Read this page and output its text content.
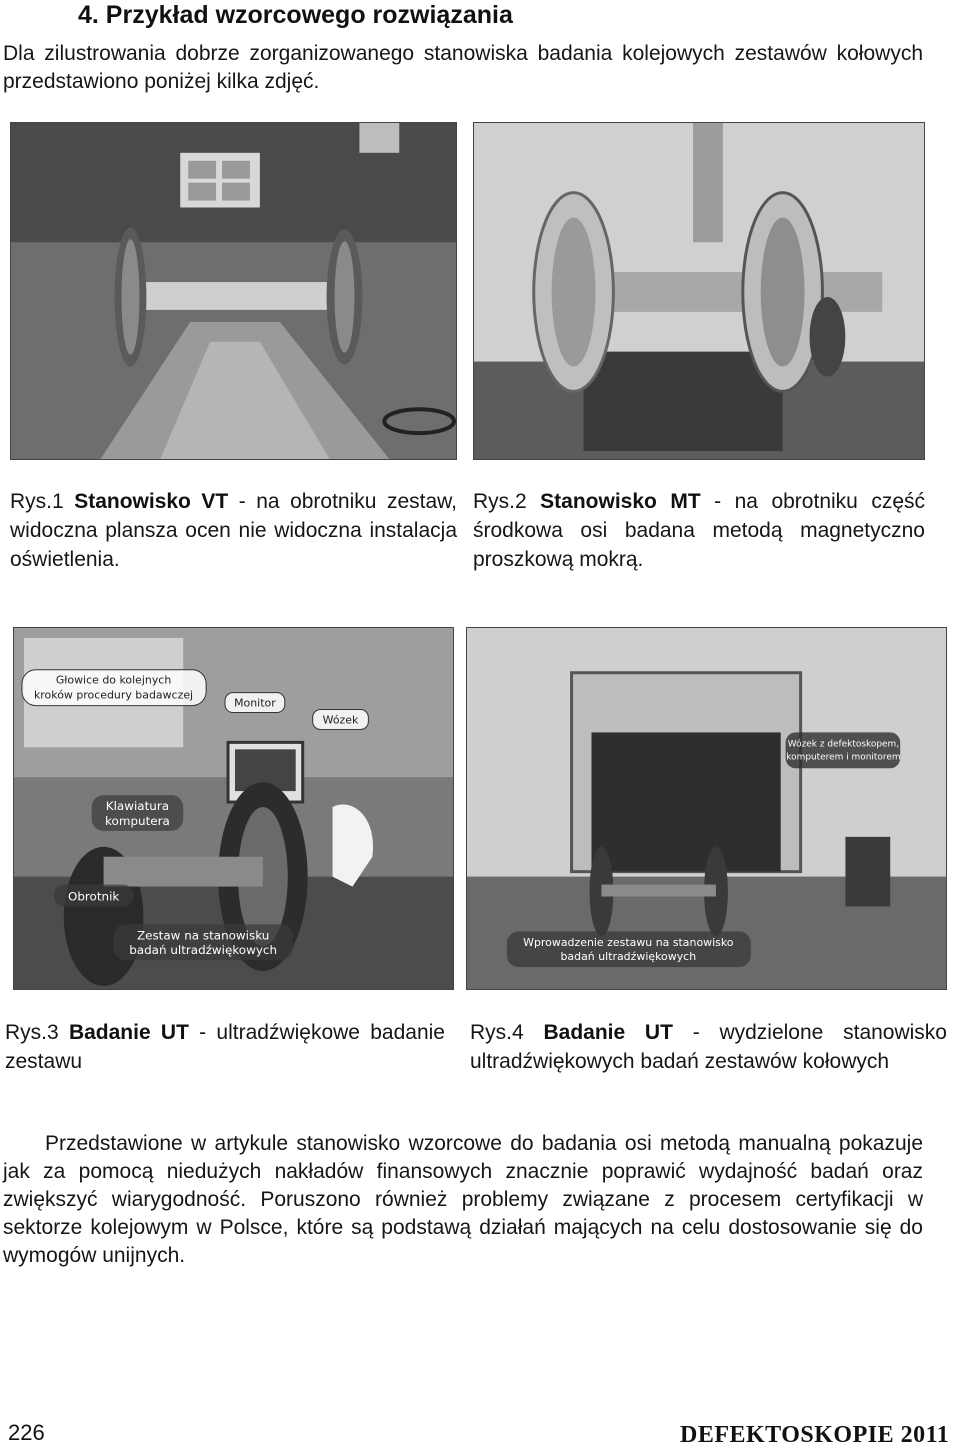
4. Przykład wzorcowego rozwiązania
Dla zilustrowania dobrze zorganizowanego stanowiska badania kolejowych zestawów kołowych przedstawiono poniżej kilka zdjęć.
Rys.1 Stanowisko VT - na obrotniku zestaw, widoczna plansza ocen nie widoczna instalacja oświetlenia.
Rys.2 Stanowisko MT - na obrotniku część środkowa osi badana metodą magnetyczno proszkową mokrą.
Głowice do kolejnych
kroków procedury badawczej
Monitor
Wózek
Klawiatura
komputera
Obrotnik
Zestaw na stanowisku
badań ultradźwiękowych
Wózek z defektoskopem,
komputerem i monitorem
Wprowadzenie zestawu na stanowisko
badań ultradźwiękowych
Rys.3 Badanie UT - ultradźwiękowe badanie zestawu
Rys.4 Badanie UT - wydzielone stanowisko ultradźwiękowych badań zestawów kołowych
Przedstawione w artykule stanowisko wzorcowe do badania osi metodą manualną pokazuje jak za pomocą niedużych nakładów finansowych znacznie poprawić wydajność badań oraz zwiększyć wiarygodność. Poruszono również problemy związane z procesem certyfikacji w sektorze kolejowym w Polsce, które są podstawą działań mających na celu dostosowanie się do wymogów unijnych.
226	DEFEKTOSKOPIE 2011
